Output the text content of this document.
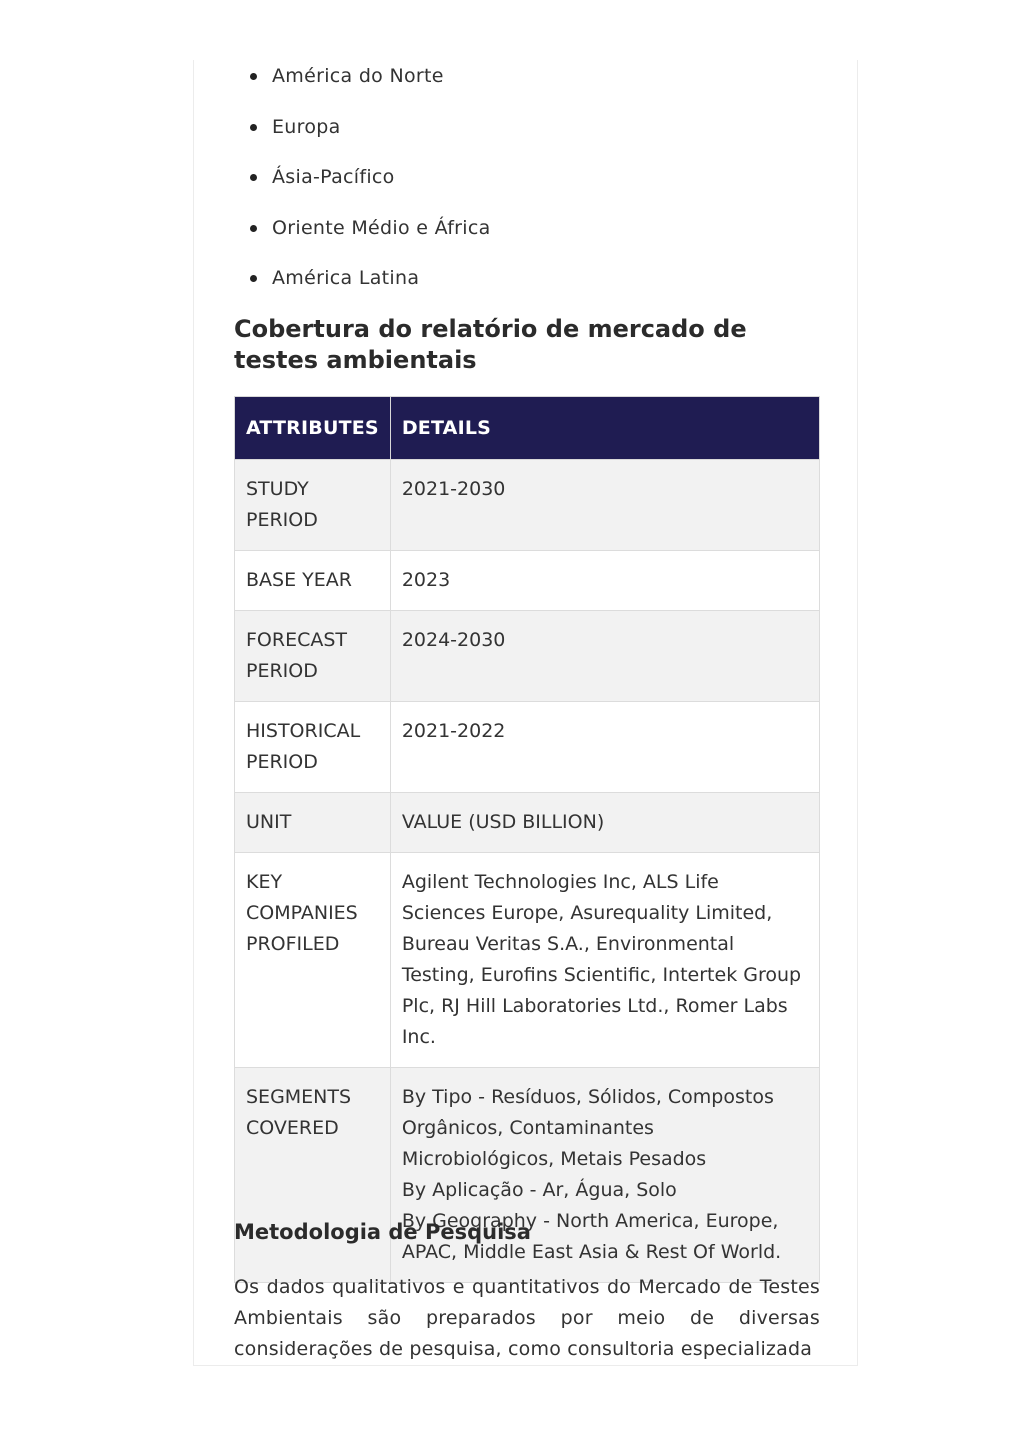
América do Norte
Europa
Ásia-Pacífico
Oriente Médio e África
América Latina
Cobertura do relatório de mercado de testes ambientais
ATTRIBUTES	DETAILS
STUDY PERIOD	2021-2030

BASE YEAR	2023

FORECAST PERIOD	2024-2030

HISTORICAL PERIOD	2021-2022

UNIT	VALUE (USD BILLION)

KEY COMPANIES PROFILED	Agilent Technologies Inc, ALS Life Sciences Europe, Asurequality Limited, Bureau Veritas S.A., Environmental Testing, Eurofins Scientific, Intertek Group Plc, RJ Hill Laboratories Ltd., Romer Labs Inc.

SEGMENTS COVERED	By Tipo - Resíduos, Sólidos, Compostos Orgânicos, Contaminantes Microbiológicos, Metais Pesados
By Aplicação - Ar, Água, Solo
By Geography - North America, Europe, APAC, Middle East Asia & Rest Of World.
Metodologia de Pesquisa

Os dados qualitativos e quantitativos do Mercado de Testes Ambientais são preparados por meio de diversas considerações de pesquisa, como consultoria especializada
